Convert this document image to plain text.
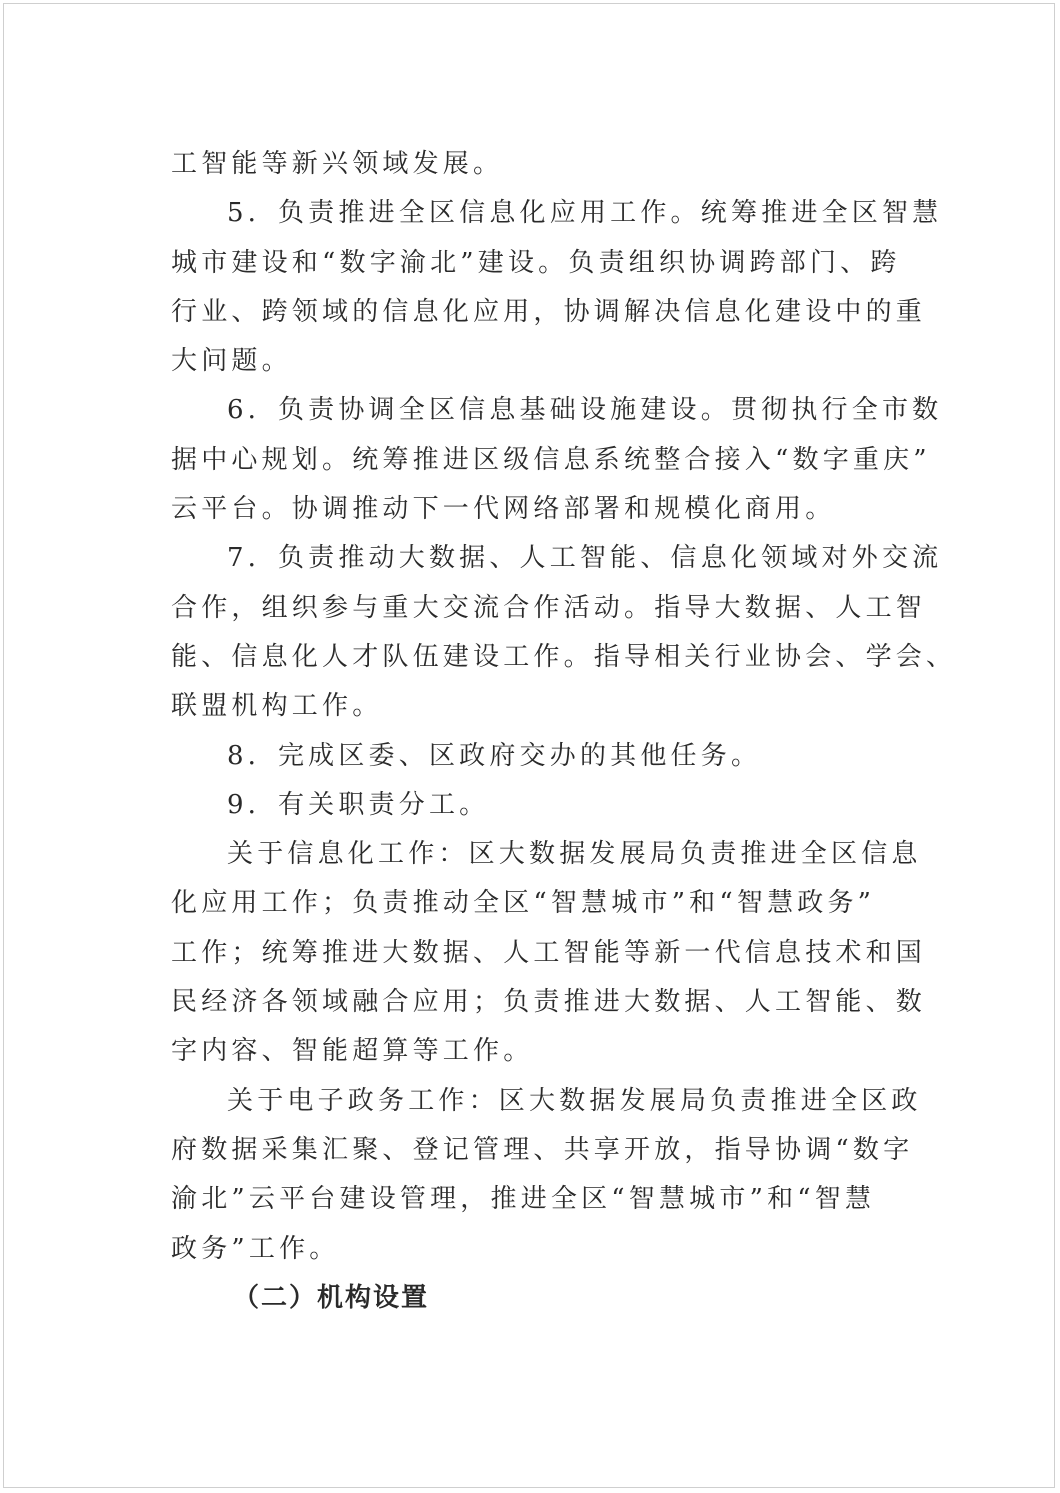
工智能等新兴领域发展。
5．负责推进全区信息化应用工作。统筹推进全区智慧
城市建设和“数字渝北”建设。负责组织协调跨部门、跨
行业、跨领域的信息化应用，协调解决信息化建设中的重
大问题。
6．负责协调全区信息基础设施建设。贯彻执行全市数
据中心规划。统筹推进区级信息系统整合接入“数字重庆”
云平台。协调推动下一代网络部署和规模化商用。
7．负责推动大数据、人工智能、信息化领域对外交流
合作，组织参与重大交流合作活动。指导大数据、人工智
能、信息化人才队伍建设工作。指导相关行业协会、学会、
联盟机构工作。
8．完成区委、区政府交办的其他任务。
9．有关职责分工。
关于信息化工作：区大数据发展局负责推进全区信息
化应用工作；负责推动全区“智慧城市”和“智慧政务”
工作；统筹推进大数据、人工智能等新一代信息技术和国
民经济各领域融合应用；负责推进大数据、人工智能、数
字内容、智能超算等工作。
关于电子政务工作：区大数据发展局负责推进全区政
府数据采集汇聚、登记管理、共享开放，指导协调“数字
渝北”云平台建设管理，推进全区“智慧城市”和“智慧
政务”工作。
（二）机构设置
